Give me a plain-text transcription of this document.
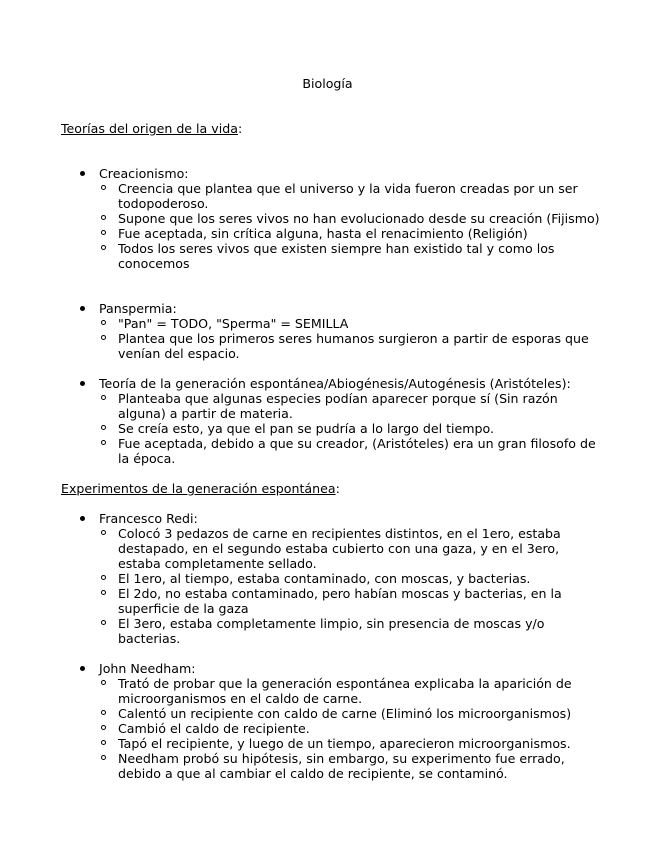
Biología
Teorías del origen de la vida:
Creacionismo:
Creencia que plantea que el universo y la vida fueron creadas por un ser todopoderoso.
Supone que los seres vivos no han evolucionado desde su creación (Fijismo)
Fue aceptada, sin crítica alguna, hasta el renacimiento (Religión)
Todos los seres vivos que existen siempre han existido tal y como los conocemos
Panspermia:
"Pan" = TODO, "Sperma" = SEMILLA
Plantea que los primeros seres humanos surgieron a partir de esporas que venían del espacio.
Teoría de la generación espontánea/Abiogénesis/Autogénesis (Aristóteles):
Planteaba que algunas especies podían aparecer porque sí (Sin razón alguna) a partir de materia.
Se creía esto, ya que el pan se pudría a lo largo del tiempo.
Fue aceptada, debido a que su creador, (Aristóteles) era un gran filosofo de la época.
Experimentos de la generación espontánea:
Francesco Redi:
Colocó 3 pedazos de carne en recipientes distintos, en el 1ero, estaba destapado, en el segundo estaba cubierto con una gaza, y en el 3ero, estaba completamente sellado.
El 1ero, al tiempo, estaba contaminado, con moscas, y bacterias.
El 2do, no estaba contaminado, pero habían moscas y bacterias, en la superficie de la gaza
El 3ero, estaba completamente limpio, sin presencia de moscas y/o bacterias.
John Needham:
Trató de probar que la generación espontánea explicaba la aparición de microorganismos en el caldo de carne.
Calentó un recipiente con caldo de carne (Eliminó los microorganismos)
Cambió el caldo de recipiente.
Tapó el recipiente, y luego de un tiempo, aparecieron microorganismos.
Needham probó su hipótesis, sin embargo, su experimento fue errado, debido a que al cambiar el caldo de recipiente, se contaminó.
